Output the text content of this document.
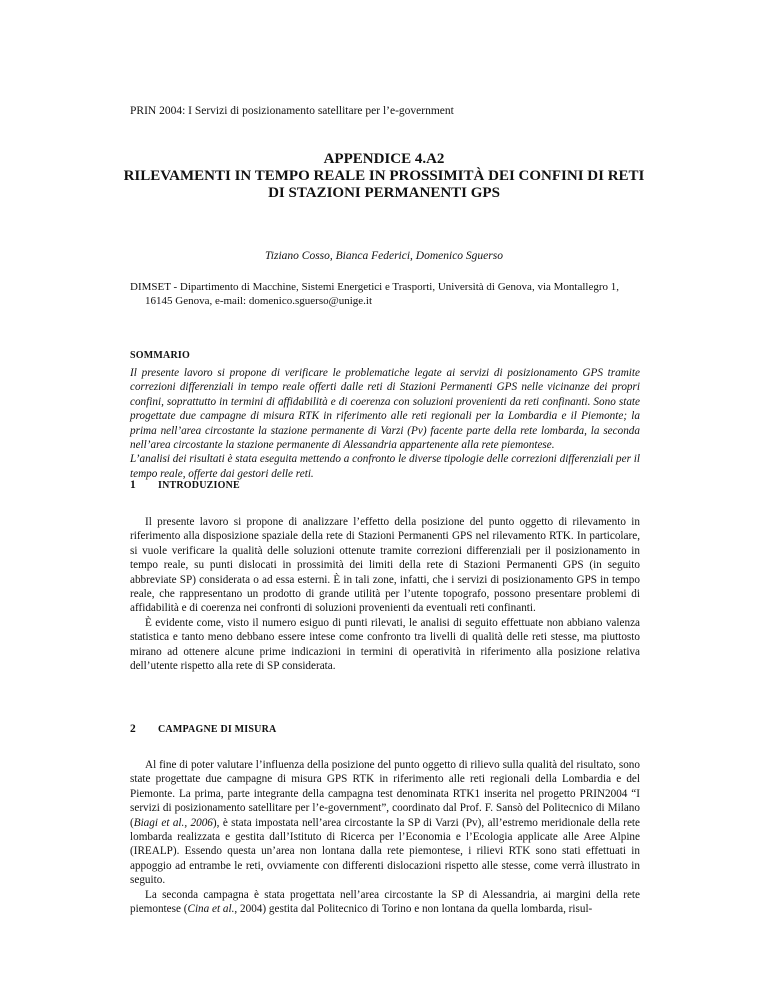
PRIN 2004: I Servizi di posizionamento satellitare per l’e-government
APPENDICE 4.A2
RILEVAMENTI IN TEMPO REALE IN PROSSIMITÀ DEI CONFINI DI RETI
DI STAZIONI PERMANENTI GPS
Tiziano Cosso, Bianca Federici, Domenico Sguerso
DIMSET - Dipartimento di Macchine, Sistemi Energetici e Trasporti, Università di Genova, via Montallegro 1,
16145 Genova, e-mail: domenico.sguerso@unige.it
SOMMARIO

Il presente lavoro si propone di verificare le problematiche legate ai servizi di posizionamento GPS tramite correzioni differenziali in tempo reale offerti dalle reti di Stazioni Permanenti GPS nelle vicinanze dei propri confini, soprattutto in termini di affidabilità e di coerenza con soluzioni provenienti da reti confinanti. Sono state progettate due campagne di misura RTK in riferimento alle reti regionali per la Lombardia e il Piemonte; la prima nell’area circostante la stazione permanente di Varzi (Pv) facente parte della rete lombarda, la seconda nell’area circostante la stazione permanente di Alessandria appartenente alla rete piemontese.

L’analisi dei risultati è stata eseguita mettendo a confronto le diverse tipologie delle correzioni differenziali per il tempo reale, offerte dai gestori delle reti.

1 INTRODUZIONE

Il presente lavoro si propone di analizzare l’effetto della posizione del punto oggetto di rilevamento in riferimento alla disposizione spaziale della rete di Stazioni Permanenti GPS nel rilevamento RTK. In particolare, si vuole verificare la qualità delle soluzioni ottenute tramite correzioni differenziali per il posizionamento in tempo reale, su punti dislocati in prossimità dei limiti della rete di Stazioni Permanenti GPS (in seguito abbreviate SP) considerata o ad essa esterni. È in tali zone, infatti, che i servizi di posizionamento GPS in tempo reale, che rappresentano un prodotto di grande utilità per l’utente topografo, possono presentare problemi di affidabilità e di coerenza nei confronti di soluzioni provenienti da eventuali reti confinanti.

È evidente come, visto il numero esiguo di punti rilevati, le analisi di seguito effettuate non abbiano valenza statistica e tanto meno debbano essere intese come confronto tra livelli di qualità delle reti stesse, ma piuttosto mirano ad ottenere alcune prime indicazioni in termini di operatività in riferimento alla posizione relativa dell’utente rispetto alla rete di SP considerata.

2 CAMPAGNE DI MISURA

Al fine di poter valutare l’influenza della posizione del punto oggetto di rilievo sulla qualità del risultato, sono state progettate due campagne di misura GPS RTK in riferimento alle reti regionali della Lombardia e del Piemonte. La prima, parte integrante della campagna test denominata RTK1 inserita nel progetto PRIN2004 “I servizi di posizionamento satellitare per l’e-government”, coordinato dal Prof. F. Sansò del Politecnico di Milano (Biagi et al., 2006), è stata impostata nell’area circostante la SP di Varzi (Pv), all’estremo meridionale della rete lombarda realizzata e gestita dall’Istituto di Ricerca per l’Economia e l’Ecologia applicate alle Aree Alpine (IREALP). Essendo questa un’area non lontana dalla rete piemontese, i rilievi RTK sono stati effettuati in appoggio ad entrambe le reti, ovviamente con differenti dislocazioni rispetto alle stesse, come verrà illustrato in seguito.

La seconda campagna è stata progettata nell’area circostante la SP di Alessandria, ai margini della rete piemontese (Cina et al., 2004) gestita dal Politecnico di Torino e non lontana da quella lombarda, risul-
